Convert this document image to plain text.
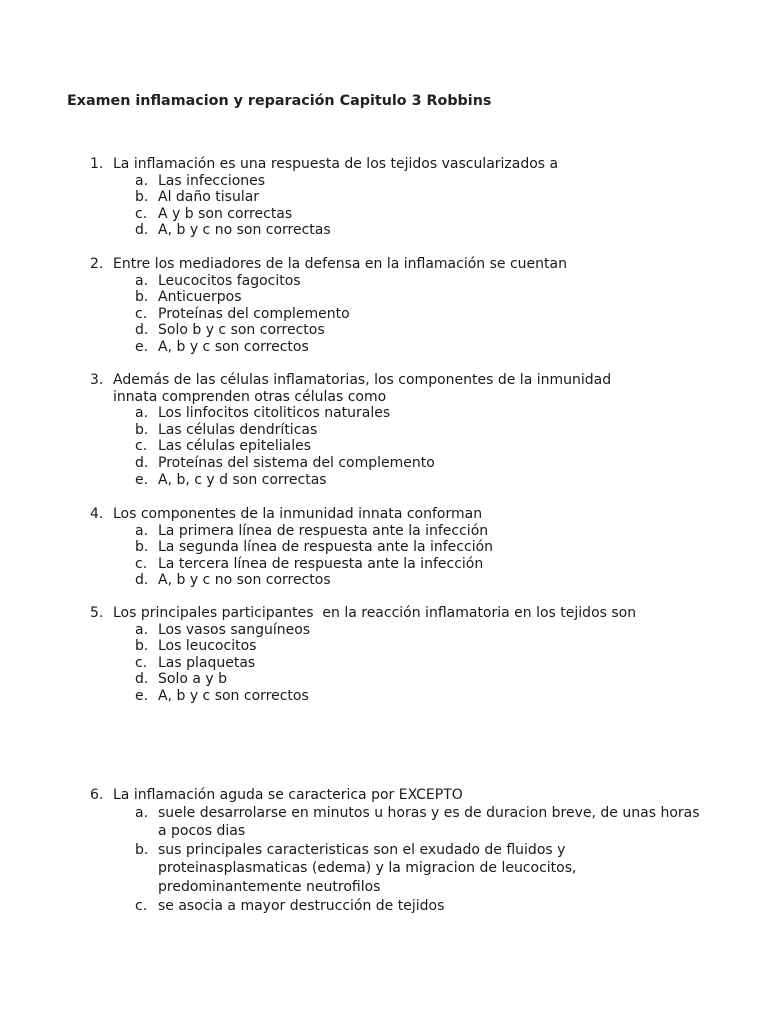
Examen inflamacion y reparación Capitulo 3 Robbins
1. La inflamación es una respuesta de los tejidos vascularizados a
a. Las infecciones
b. Al daño tisular
c. A y b son correctas
d. A, b y c no son correctas
2. Entre los mediadores de la defensa en la inflamación se cuentan
a. Leucocitos fagocitos
b. Anticuerpos
c. Proteínas del complemento
d. Solo b y c son correctos
e. A, b y c son correctos
3. Además de las células inflamatorias, los componentes de la inmunidad innata comprenden otras células como
a. Los linfocitos citoliticos naturales
b. Las células dendríticas
c. Las células epiteliales
d. Proteínas del sistema del complemento
e. A, b, c y d son correctas
4. Los componentes de la inmunidad innata conforman
a. La primera línea de respuesta ante la infección
b. La segunda línea de respuesta ante la infección
c. La tercera línea de respuesta ante la infección
d. A, b y c no son correctos
5. Los principales participantes  en la reacción inflamatoria en los tejidos son
a. Los vasos sanguíneos
b. Los leucocitos
c. Las plaquetas
d. Solo a y b
e. A, b y c son correctos
6. La inflamación aguda se caracterica por EXCEPTO
a. suele desarrolarse en minutos u horas y es de duracion breve, de unas horas a pocos dias
b. sus principales caracteristicas son el exudado de fluidos y proteinasplasmaticas (edema) y la migracion de leucocitos, predominantemente neutrofilos
c. se asocia a mayor destrucción de tejidos
